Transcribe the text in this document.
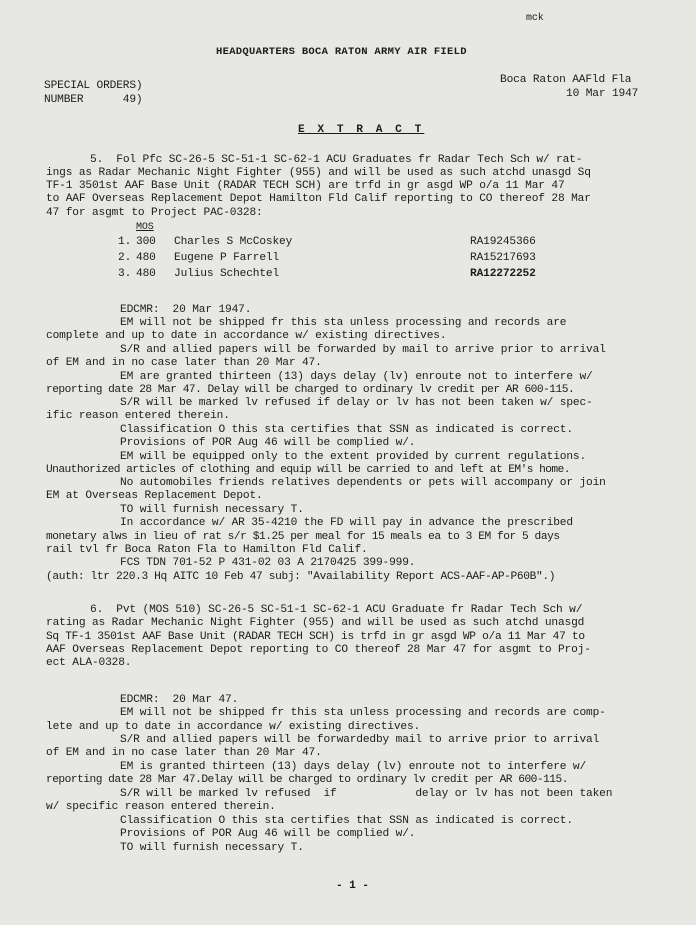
mck
HEADQUARTERS BOCA RATON ARMY AIR FIELD
SPECIAL ORDERS)
NUMBER      49)
Boca Raton AAFld Fla
10 Mar 1947
E X T R A C T
5.  Fol Pfc SC-26-5 SC-51-1 SC-62-1 ACU Graduates fr Radar Tech Sch w/ rat-
ings as Radar Mechanic Night Fighter (955) and will be used as such atchd unasgd Sq
TF-1 3501st AAF Base Unit (RADAR TECH SCH) are trfd in gr asgd WP o/a 11 Mar 47
to AAF Overseas Replacement Depot Hamilton Fld Calif reporting to CO thereof 28 Mar
47 for asgmt to Project PAC-0328:
MOS
1. 300 Charles S McCoskey	RA19245366
2. 480 Eugene P Farrell	RA15217693
3. 480 Julius Schechtel	RA12272252
EDCMR:  20 Mar 1947.
EM will not be shipped fr this sta unless processing and records are
complete and up to date in accordance w/ existing directives.
S/R and allied papers will be forwarded by mail to arrive prior to arrival
of EM and in no case later than 20 Mar 47.
EM are granted thirteen (13) days delay (lv) enroute not to interfere w/
reporting date 28 Mar 47. Delay will be charged to ordinary lv credit per AR 600-115.
S/R will be marked lv refused if delay or lv has not been taken w/ spec-
ific reason entered therein.
Classification O this sta certifies that SSN as indicated is correct.
Provisions of POR Aug 46 will be complied w/.
EM will be equipped only to the extent provided by current regulations.
Unauthorized articles of clothing and equip will be carried to and left at EM's home.
No automobiles friends relatives dependents or pets will accompany or join
EM at Overseas Replacement Depot.
TO will furnish necessary T.
In accordance w/ AR 35-4210 the FD will pay in advance the prescribed
monetary alws in lieu of rat s/r $1.25 per meal for 15 meals ea to 3 EM for 5 days
rail tvl fr Boca Raton Fla to Hamilton Fld Calif.
FCS TDN 701-52 P 431-02 03 A 2170425 399-999.
(auth: ltr 220.3 Hq AITC 10 Feb 47 subj: "Availability Report ACS-AAF-AP-P60B".)
6.  Pvt (MOS 510) SC-26-5 SC-51-1 SC-62-1 ACU Graduate fr Radar Tech Sch w/
rating as Radar Mechanic Night Fighter (955) and will be used as such atchd unasgd
Sq TF-1 3501st AAF Base Unit (RADAR TECH SCH) is trfd in gr asgd WP o/a 11 Mar 47 to
AAF Overseas Replacement Depot reporting to CO thereof 28 Mar 47 for asgmt to Proj-
ect ALA-0328.
EDCMR:  20 Mar 47.
EM will not be shipped fr this sta unless processing and records are comp-
lete and up to date in accordance w/ existing directives.
S/R and allied papers will be forwardedby mail to arrive prior to arrival
of EM and in no case later than 20 Mar 47.
EM is granted thirteen (13) days delay (lv) enroute not to interfere w/
reporting date 28 Mar 47.Delay will be charged to ordinary lv credit per AR 600-115.
S/R will be marked lv refused  if            delay or lv has not been taken
w/ specific reason entered therein.
Classification O this sta certifies that SSN as indicated is correct.
Provisions of POR Aug 46 will be complied w/.
TO will furnish necessary T.
- 1 -
